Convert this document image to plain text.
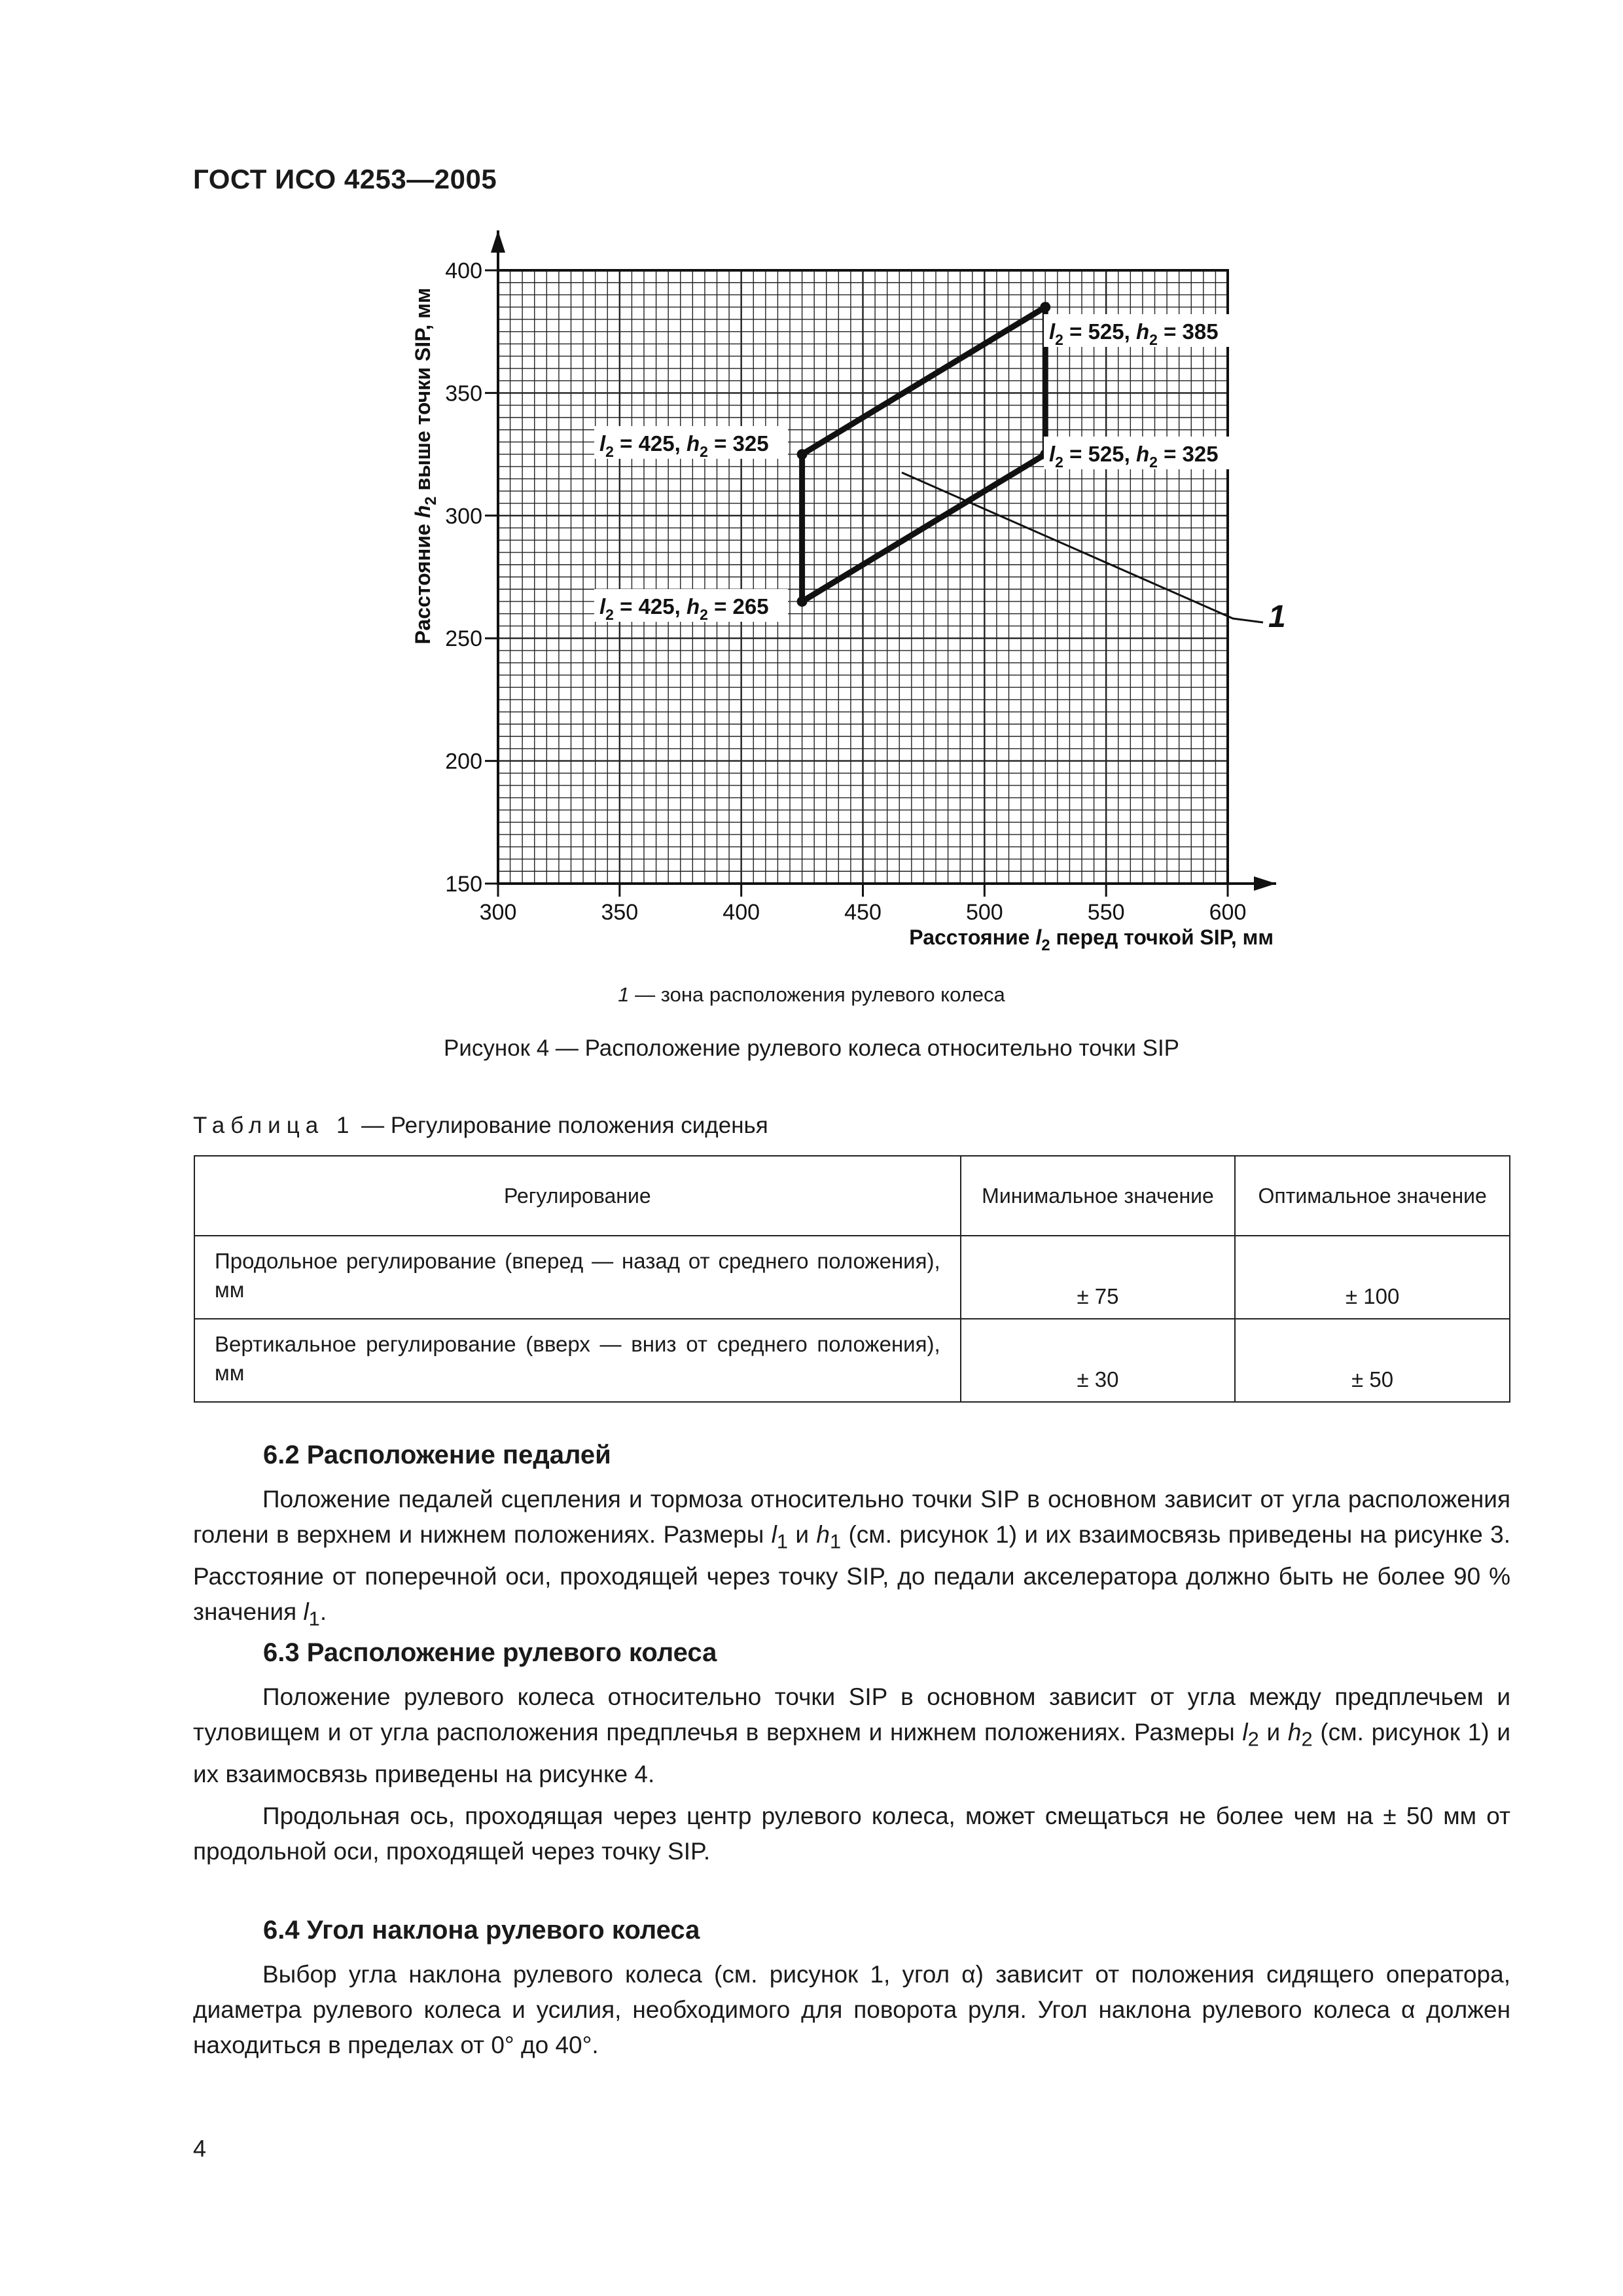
ГОСТ ИСО 4253—2005
300	350	400	450	500	550	600
150
200
250
300
350
400
Расстояние $l_2$ перед точкой SIP, мм
Расстояние $h_2$ выше точки SIP, мм	$l_2 = 525$, $h_2 = 385$
$l_2 = 425$, $h_2 = 325$	$l_2 = 525$, $h_2 = 325$
$l_2 = 425$, $h_2 = 265$	1
1 — зона расположения рулевого колеса
Рисунок 4 — Расположение рулевого колеса относительно точки SIP
Таблица 1 — Регулирование положения сиденья
Регулирование	Минимальное значение	Оптимальное значение
Продольное регулирование (вперед — назад от среднего положения), мм	± 75	± 100
Вертикальное регулирование (вверх — вниз от среднего положения), мм	± 30	± 50
6.2 Расположение педалей

Положение педалей сцепления и тормоза относительно точки SIP в основном зависит от угла расположения голени в верхнем и нижнем положениях. Размеры $l_1$ и $h_1$ (см. рисунок 1) и их взаимосвязь приведены на рисунке 3. Расстояние от поперечной оси, проходящей через точку SIP, до педали акселератора должно быть не более 90 % значения $l_1$.

6.3 Расположение рулевого колеса

Положение рулевого колеса относительно точки SIP в основном зависит от угла между предплечьем и туловищем и от угла расположения предплечья в верхнем и нижнем положениях. Размеры $l_2$ и $h_2$ (см. рисунок 1) и их взаимосвязь приведены на рисунке 4.

Продольная ось, проходящая через центр рулевого колеса, может смещаться не более чем на ± 50 мм от продольной оси, проходящей через точку SIP.

6.4 Угол наклона рулевого колеса

Выбор угла наклона рулевого колеса (см. рисунок 1, угол α) зависит от положения сидящего оператора, диаметра рулевого колеса и усилия, необходимого для поворота руля. Угол наклона рулевого колеса α должен находиться в пределах от 0° до 40°.

4
